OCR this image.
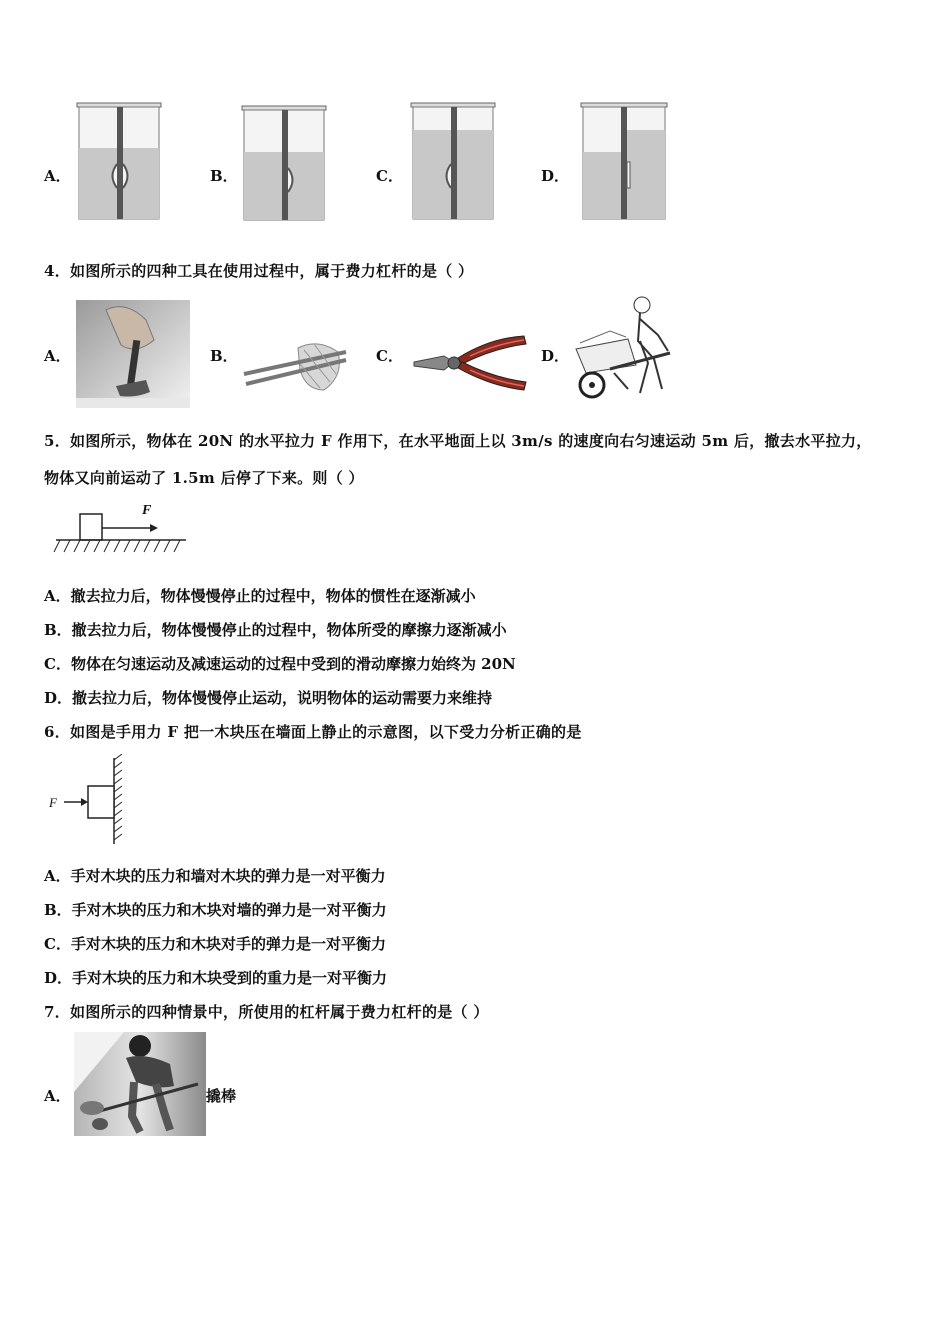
A．	B．	C．	D．
4．如图所示的四种工具在使用过程中，属于费力杠杆的是（ ）
A．	B．	C．	D．
5．如图所示，物体在 20N 的水平拉力 F 作用下，在水平地面上以 3m/s 的速度向右匀速运动 5m 后，撤去水平拉力，
物体又向前运动了 1.5m 后停了下来。则（ ）
F
A．撤去拉力后，物体慢慢停止的过程中，物体的惯性在逐渐减小
B．撤去拉力后，物体慢慢停止的过程中，物体所受的摩擦力逐渐减小
C．物体在匀速运动及减速运动的过程中受到的滑动摩擦力始终为 20N
D．撤去拉力后，物体慢慢停止运动，说明物体的运动需要力来维持
6．如图是手用力 F 把一木块压在墙面上静止的示意图，以下受力分析正确的是
F
A．手对木块的压力和墙对木块的弹力是一对平衡力
B．手对木块的压力和木块对墙的弹力是一对平衡力
C．手对木块的压力和木块对手的弹力是一对平衡力
D．手对木块的压力和木块受到的重力是一对平衡力
7．如图所示的四种情景中，所使用的杠杆属于费力杠杆的是（ ）
A．	撬棒
